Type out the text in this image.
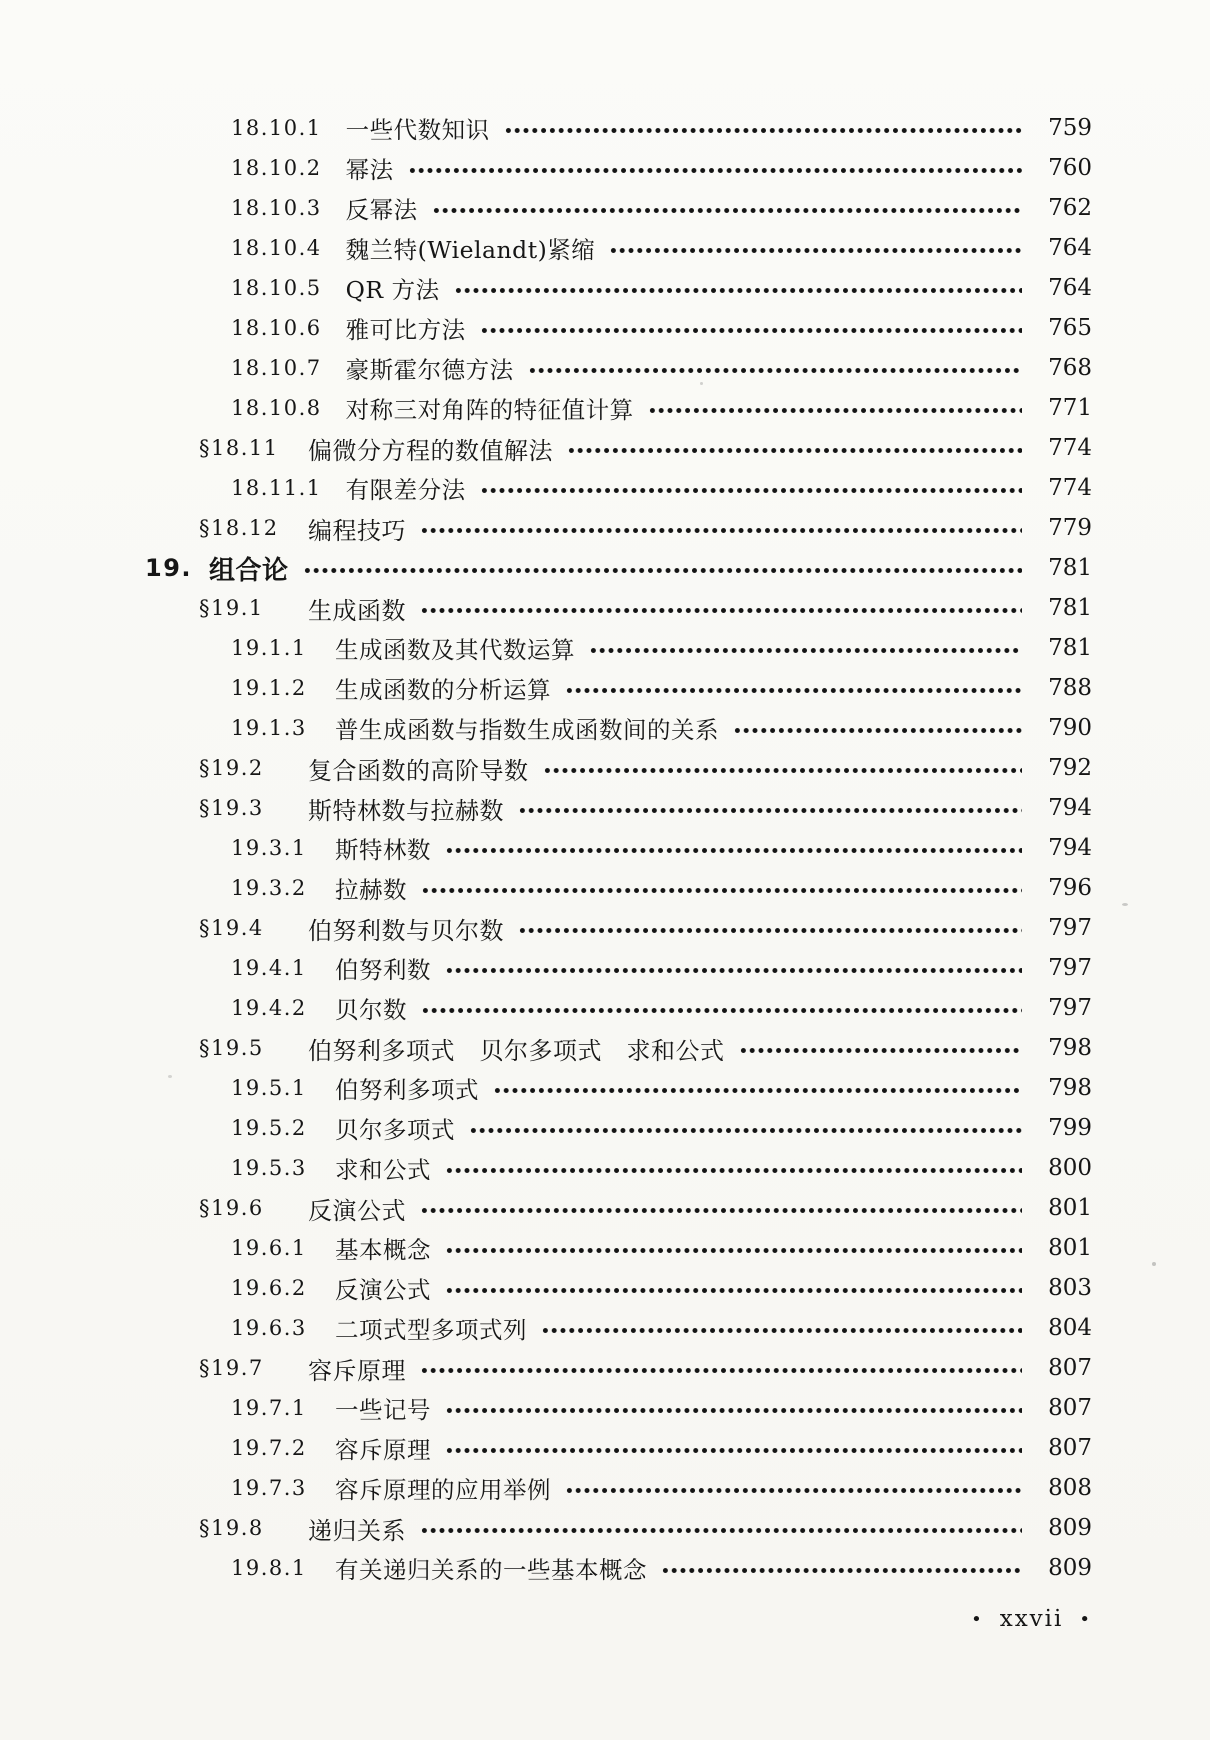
18.10.1 一些代数知识	759
18.10.2 幂法	760
18.10.3 反幂法	762
18.10.4 魏兰特(Wielandt)紧缩	764
18.10.5 QR 方法	764
18.10.6 雅可比方法	765
18.10.7 豪斯霍尔德方法	768
18.10.8 对称三对角阵的特征值计算	771
§18.11	偏微分方程的数值解法	774
18.11.1 有限差分法	774
§18.12	编程技巧	779
19. 组合论	781
§19.1	生成函数	781
19.1.1 生成函数及其代数运算	781
19.1.2 生成函数的分析运算	788
19.1.3 普生成函数与指数生成函数间的关系	790
§19.2	复合函数的高阶导数	792
§19.3	斯特林数与拉赫数	794
19.3.1 斯特林数	794
19.3.2 拉赫数	796
§19.4	伯努利数与贝尔数	797
19.4.1 伯努利数	797
19.4.2 贝尔数	797
§19.5	伯努利多项式　贝尔多项式　求和公式	798
19.5.1 伯努利多项式	798
19.5.2 贝尔多项式	799
19.5.3 求和公式	800
§19.6	反演公式	801
19.6.1 基本概念	801
19.6.2 反演公式	803
19.6.3 二项式型多项式列	804
§19.7	容斥原理	807
19.7.1 一些记号	807
19.7.2 容斥原理	807
19.7.3 容斥原理的应用举例	808
§19.8	递归关系	809
19.8.1 有关递归关系的一些基本概念	809
• xxvii •
